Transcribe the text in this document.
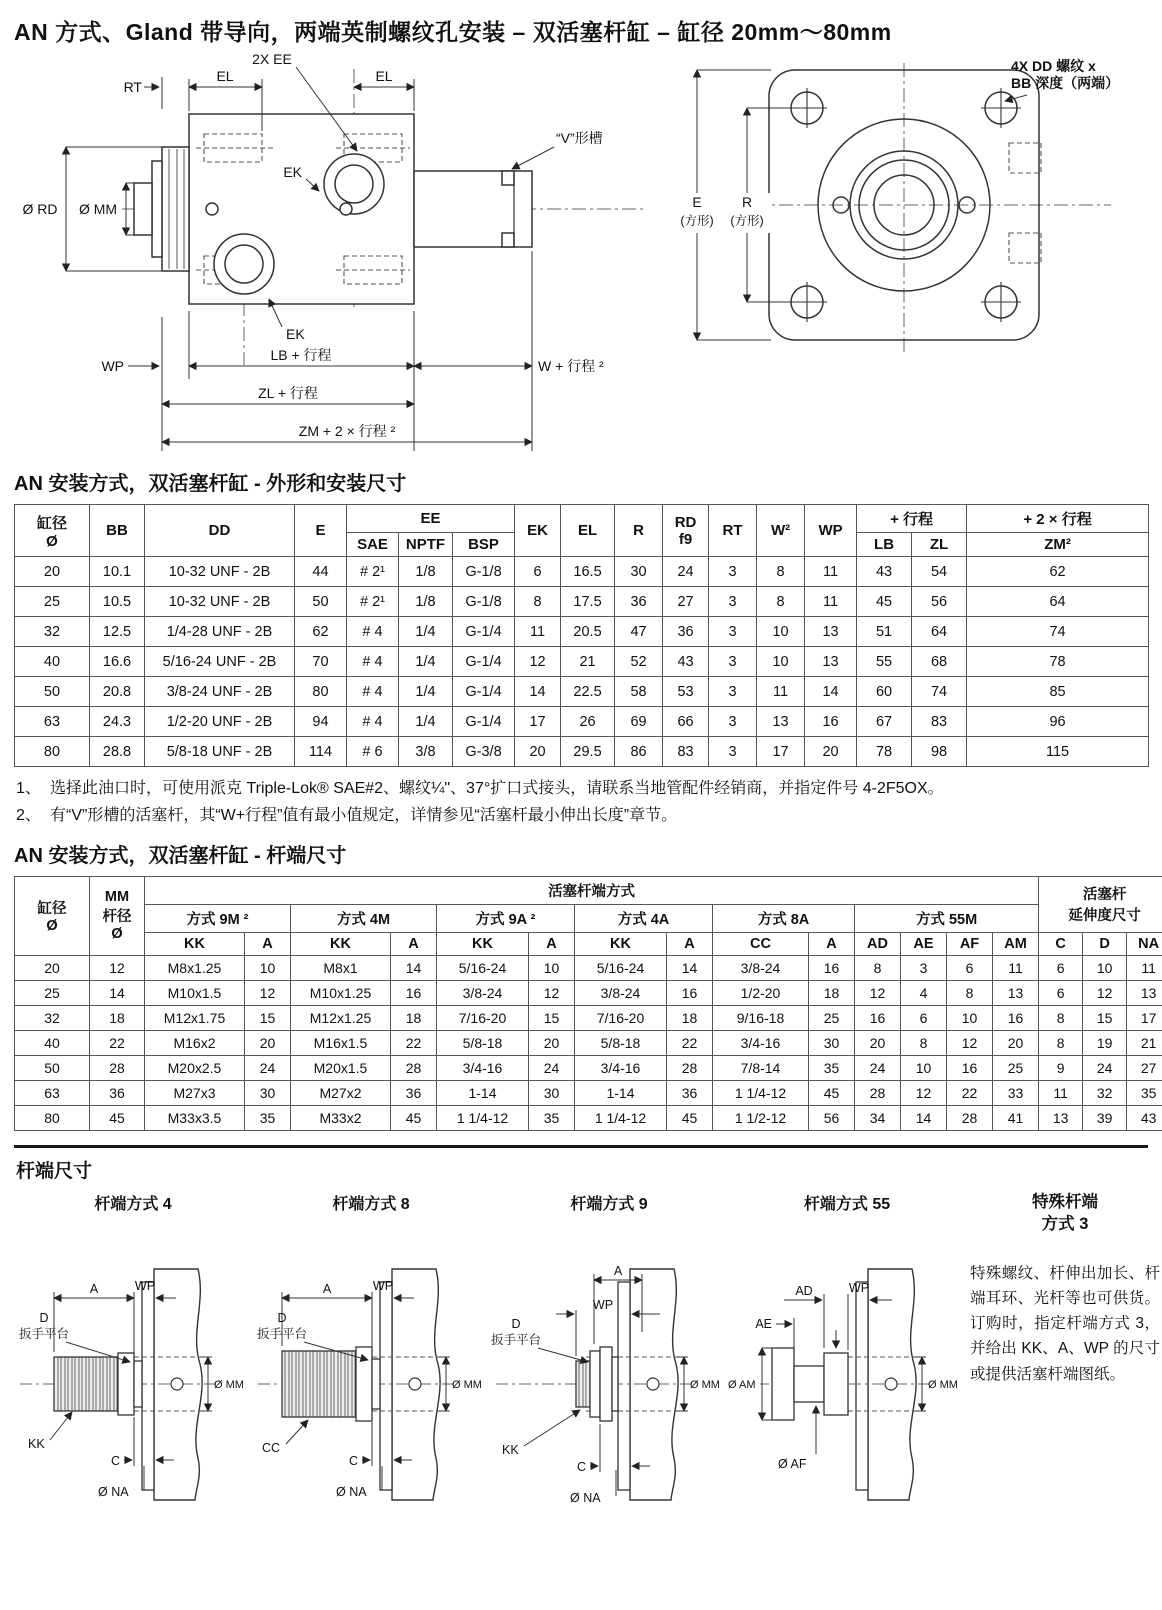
AN 方式、Gland 带导向，两端英制螺纹孔安装 – 双活塞杆缸 – 缸径 20mm～80mm
RT
EL	EL
2X EE
EK
EK
“V”形槽
Ø RD Ø MM
WP
LB + 行程
W + 行程 ²
ZL + 行程
ZM + 2 × 行程 ²
E
(方形)
R
(方形)
4X DD 螺纹 x
BB 深度（两端）
AN 安装方式，双活塞杆缸 - 外形和安装尺寸
缸径
Ø
	BB	DD	E	EE	EK	EL	R	RD
f9	RT	W²	WP	+ 行程	+ 2 × 行程
				SAE	NPTF	BSP								LB	ZL	ZM²
20	10.1	10-32 UNF - 2B	44	# 2¹	1/8	G-1/8	6	16.5	30	24	3	8	11	43	54	62
25	10.5	10-32 UNF - 2B	50	# 2¹	1/8	G-1/8	8	17.5	36	27	3	8	11	45	56	64
32	12.5	1/4-28 UNF - 2B	62	# 4	1/4	G-1/4	11	20.5	47	36	3	10	13	51	64	74
40	16.6	5/16-24 UNF - 2B	70	# 4	1/4	G-1/4	12	21	52	43	3	10	13	55	68	78
50	20.8	3/8-24 UNF - 2B	80	# 4	1/4	G-1/4	14	22.5	58	53	3	11	14	60	74	85
63	24.3	1/2-20 UNF - 2B	94	# 4	1/4	G-1/4	17	26	69	66	3	13	16	67	83	96
80	28.8	5/8-18 UNF - 2B	114	# 6	3/8	G-3/8	20	29.5	86	83	3	17	20	78	98	115
1、 选择此油口时，可使用派克 Triple-Lok® SAE#2、螺纹¼"、37°扩口式接头，请联系当地管配件经销商，并指定件号 4-2F5OX。
2、 有“V”形槽的活塞杆，其“W+行程”值有最小值规定，详情参见“活塞杆最小伸出长度”章节。
AN 安装方式，双活塞杆缸 - 杆端尺寸
缸径
Ø

MM
杆径
Ø
	活塞杆端方式	活塞杆
延伸度尺寸

		方式 9M ²		方式 4M		方式 9A ²		方式 4A		方式 8A		方式 55M						
		KK	A	KK	A	KK	A	KK	A	CC	A	AD	AE	AF	AM	C	D	NA
20	12	M8x1.25	10	M8x1	14	5/16-24	10	5/16-24	14	3/8-24	16	8	3	6	11	6	10	11
25	14	M10x1.5	12	M10x1.25	16	3/8-24	12	3/8-24	16	1/2-20	18	12	4	8	13	6	12	13
32	18	M12x1.75	15	M12x1.25	18	7/16-20	15	7/16-20	18	9/16-18	25	16	6	10	16	8	15	17
40	22	M16x2	20	M16x1.5	22	5/8-18	20	5/8-18	22	3/4-16	30	20	8	12	20	8	19	21
50	28	M20x2.5	24	M20x1.5	28	3/4-16	24	3/4-16	28	7/8-14	35	24	10	16	25	9	24	27
63	36	M27x3	30	M27x2	36	1-14	30	1-14	36	1 1/4-12	45	28	12	22	33	11	32	35
80	45	M33x3.5	35	M33x2	45	1 1/4-12	35	1 1/4-12	45	1 1/2-12	56	34	14	28	41	13	39	43
杆端尺寸
杆端方式 4
A	WP
D
扳手平台
Ø MM
KK
C
Ø NA
杆端方式 8
A	WP
D
扳手平台
Ø MM
CC
C
Ø NA
杆端方式 9
A
WP
D
扳手平台
Ø MM
KK
C
Ø NA
杆端方式 55
AD	WP
AE
Ø AM
Ø AF
Ø MM
特殊杆端
方式 3
特殊螺纹、杆伸出加长、杆端耳环、光杆等也可供货。订购时，指定杆端方式 3，并给出 KK、A、WP 的尺寸或提供活塞杆端图纸。
